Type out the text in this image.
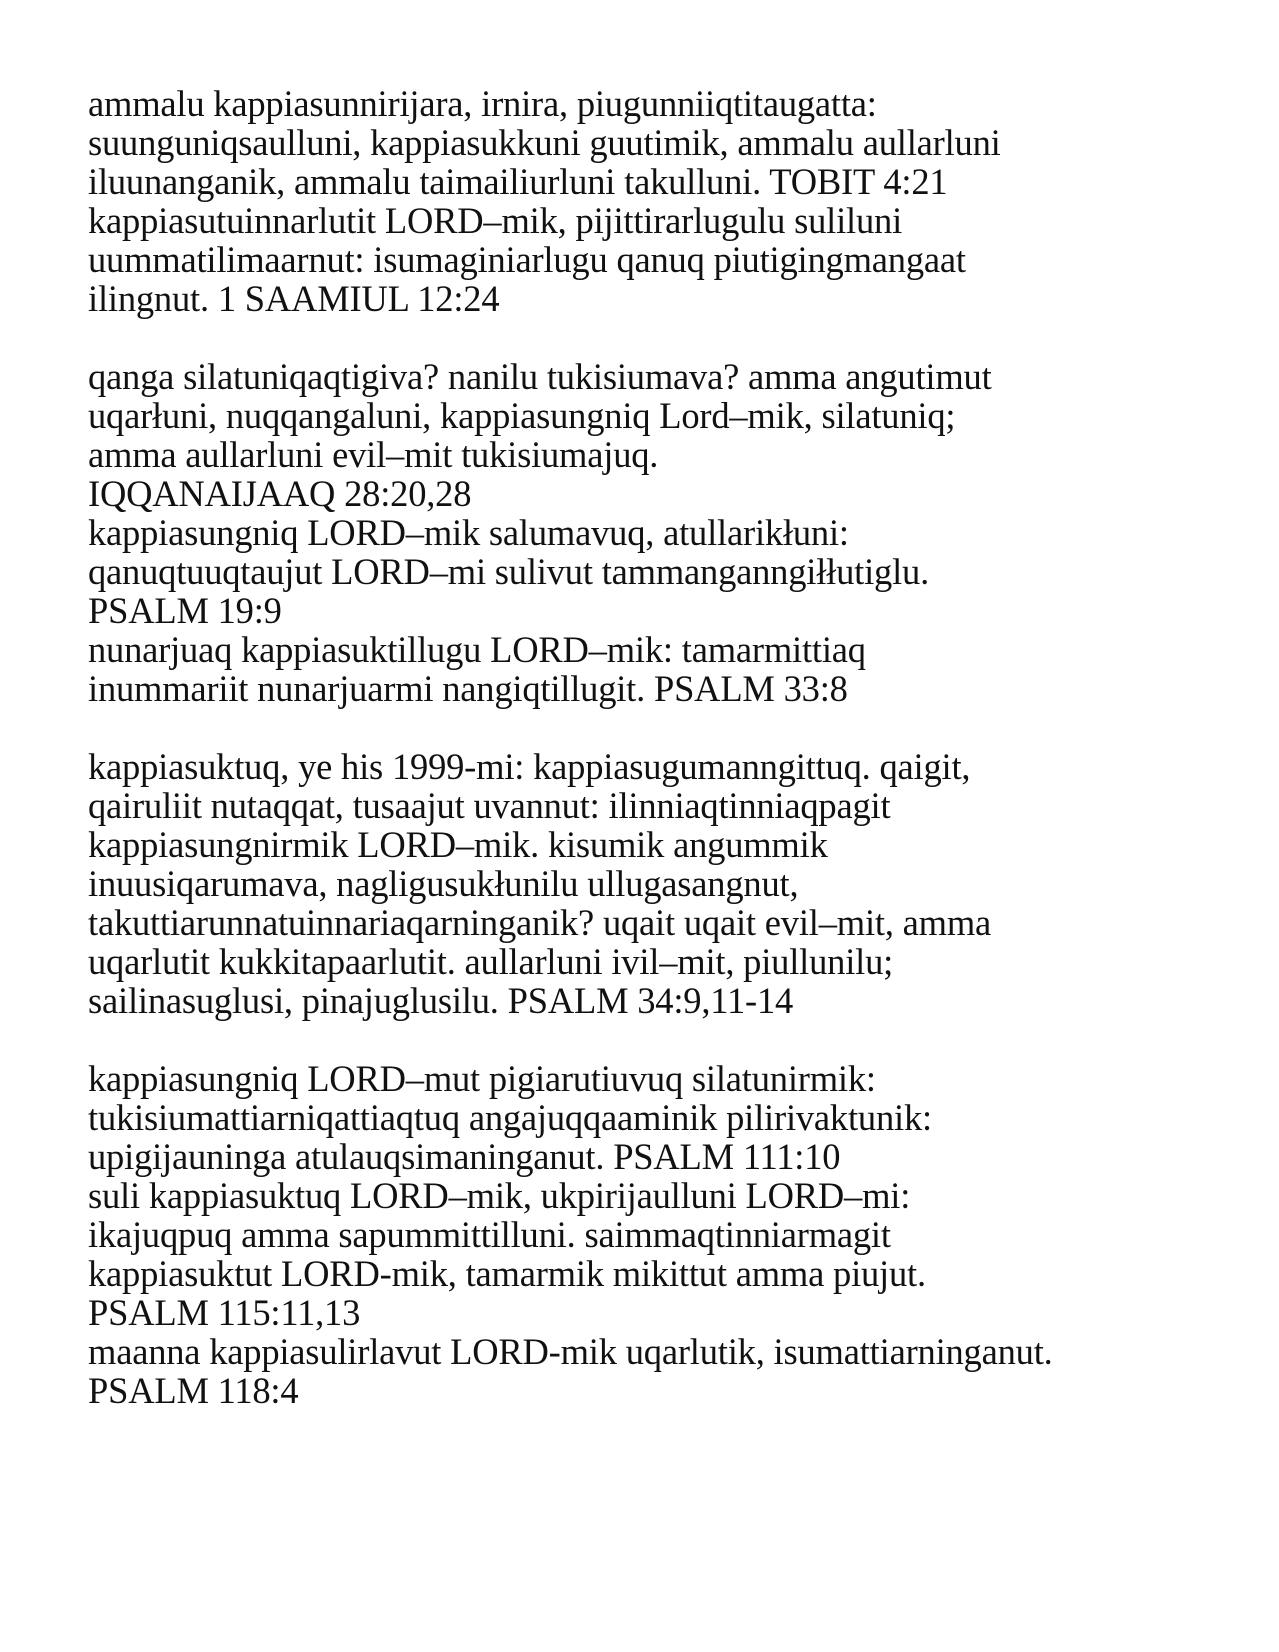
ammalu kappiasunnirijara, irnira, piugunniiqtitaugatta:
suunguniqsaulluni, kappiasukkuni guutimik, ammalu aullarluni
iluunanganik, ammalu taimailiurluni takulluni. TOBIT 4:21
kappiasutuinnarlutit LORD–mik, pijittirarlugulu suliluni
uummatilimaarnut: isumaginiarlugu qanuq piutigingmangaat
ilingnut. 1 SAAMIUL 12:24

qanga silatuniqaqtigiva? nanilu tukisiumava? amma angutimut
uqarłuni, nuqqangaluni, kappiasungniq Lord–mik, silatuniq;
amma aullarluni evil–mit tukisiumajuq.
IQQANAIJAAQ 28:20,28
kappiasungniq LORD–mik salumavuq, atullarikłuni:
qanuqtuuqtaujut LORD–mi sulivut tammanganngiłłutiglu.
PSALM 19:9
nunarjuaq kappiasuktillugu LORD–mik: tamarmittiaq
inummariit nunarjuarmi nangiqtillugit. PSALM 33:8

kappiasuktuq, ye his 1999-mi: kappiasugumanngittuq. qaigit,
qairuliit nutaqqat, tusaajut uvannut: ilinniaqtinniaqpagit
kappiasungnirmik LORD–mik. kisumik angummik
inuusiqarumava, nagligusukłunilu ullugasangnut,
takuttiarunnatuinnariaqarninganik? uqait uqait evil–mit, amma
uqarlutit kukkitapaarlutit. aullarluni ivil–mit, piullunilu;
sailinasuglusi, pinajuglusilu. PSALM 34:9,11-14

kappiasungniq LORD–mut pigiarutiuvuq silatunirmik:
tukisiumattiarniqattiaqtuq angajuqqaaminik pilirivaktunik:
upigijauninga atulauqsimaninganut. PSALM 111:10
suli kappiasuktuq LORD–mik, ukpirijaulluni LORD–mi:
ikajuqpuq amma sapummittilluni. saimmaqtinniarmagit
kappiasuktut LORD-mik, tamarmik mikittut amma piujut.
PSALM 115:11,13
maanna kappiasulirlavut LORD-mik uqarlutik, isumattiarninganut.
PSALM 118:4
